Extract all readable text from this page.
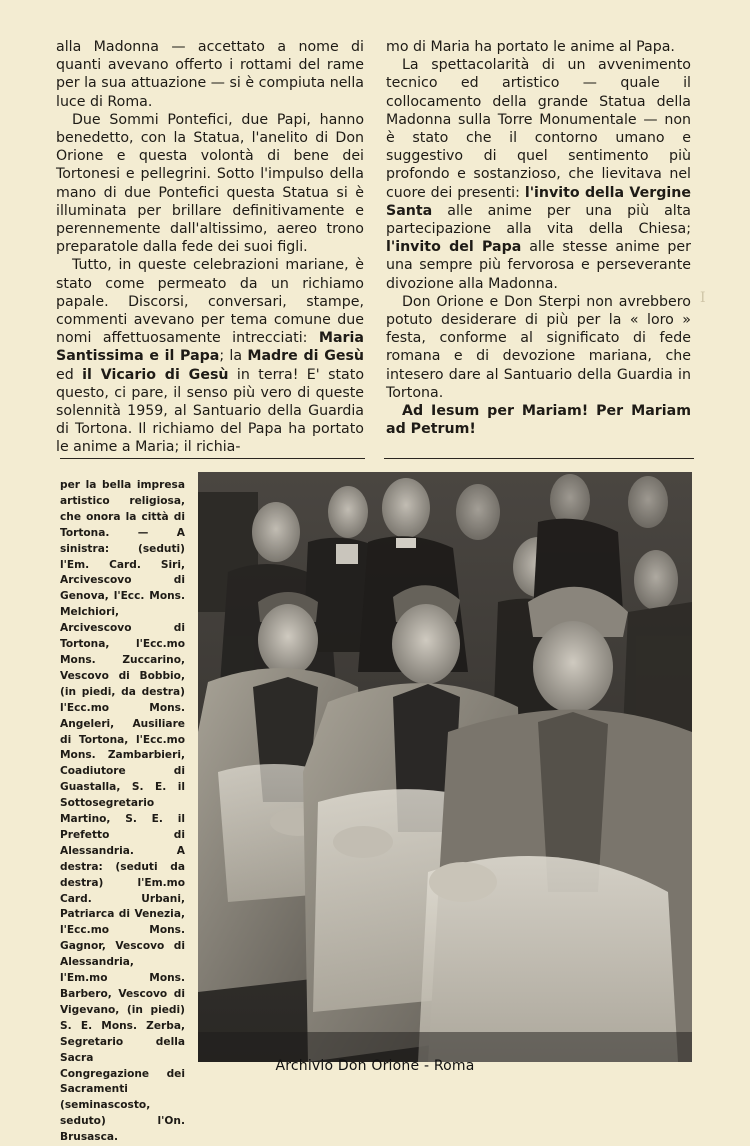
alla Madonna — accettato a nome di quanti avevano offerto i rottami del rame per la sua attuazione — si è compiuta nella luce di Roma.

Due Sommi Pontefici, due Papi, hanno benedetto, con la Statua, l'anelito di Don Orione e questa volontà di bene dei Tortonesi e pellegrini. Sotto l'impulso della mano di due Pontefici questa Statua si è illuminata per brillare definitivamente e perennemente dall'altissimo, aereo trono preparatole dalla fede dei suoi figli.

Tutto, in queste celebrazioni mariane, è stato come permeato da un richiamo papale. Discorsi, conversari, stampe, commenti avevano per tema comune due nomi affettuosamente intrecciati: Maria Santissima e il Papa; la Madre di Gesù ed il Vicario di Gesù in terra! E' stato questo, ci pare, il senso più vero di queste solennità 1959, al Santuario della Guardia di Tortona. Il richiamo del Papa ha portato le anime a Maria; il richia-

mo di Maria ha portato le anime al Papa.

La spettacolarità di un avvenimento tecnico ed artistico — quale il collocamento della grande Statua della Madonna sulla Torre Monumentale — non è stato che il contorno umano e suggestivo di quel sentimento più profondo e sostanzioso, che lievitava nel cuore dei presenti: l'invito della Vergine Santa alle anime per una più alta partecipazione alla vita della Chiesa; l'invito del Papa alle stesse anime per una sempre più fervorosa e perseverante divozione alla Madonna.

Don Orione e Don Sterpi non avrebbero potuto desiderare di più per la « loro » festa, conforme al significato di fede romana e di devozione mariana, che intesero dare al Santuario della Guardia in Tortona.

Ad Iesum per Mariam! Per Mariam ad Petrum!

I
per la bella impresa artistico religiosa, che onora la città di Tortona. — A sinistra: (seduti) l'Em. Card. Siri, Arcivescovo di Genova, l'Ecc. Mons. Melchiori, Arcivescovo di Tortona, l'Ecc.mo Mons. Zuccarino, Vescovo di Bobbio, (in piedi, da destra) l'Ecc.mo Mons. Angeleri, Ausiliare di Tortona, l'Ecc.mo Mons. Zambarbieri, Coadiutore di Guastalla, S. E. il Sottosegretario Martino, S. E. il Prefetto di Alessandria. A destra: (seduti da destra) l'Em.mo Card. Urbani, Patriarca di Venezia, l'Ecc.mo Mons. Gagnor, Vescovo di Alessandria, l'Em.mo Mons. Barbero, Vescovo di Vigevano, (in piedi) S. E. Mons. Zerba, Segretario della Sacra Congregazione dei Sacramenti (seminascosto, seduto) l'On. Brusasca.
Archivio Don Orione - Roma
